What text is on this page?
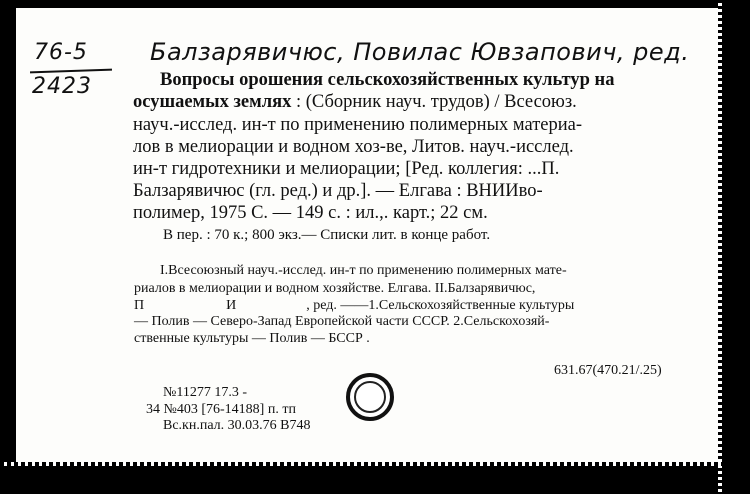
76-5
2423
Балзарявичюс, Повилас Ювзапович, ред.
Вопросы орошения сельскохозяйственных культур на
осушаемых землях : (Сборник науч. трудов) / Всесоюз.
науч.-исслед. ин-т по применению полимерных материа-
лов в мелиорации и водном хоз-ве, Литов. науч.-исслед.
ин-т гидротехники и мелиорации; [Ред. коллегия: ...П.
Балзарявичюс (гл. ред.) и др.]. — Елгава : ВНИИво-
полимер, 1975 С. — 149 с. : ил.,. карт.; 22 см.
В пер. : 70 к.; 800 экз.— Списки лит. в конце работ.
I.Всесоюзный науч.-исслед. ин-т по применению полимерных мате-
риалов в мелиорации и водном хозяйстве. Елгава. II.Балзарявичюс,
П	И	, ред. ——1.Сельскохозяйственные культуры
— Полив — Северо-Запад Европейской части СССР. 2.Сельскохозяй-
ственные культуры — Полив — БССР .
631.67(470.21/.25)
№11277 17.3 -
34 №403 [76-14188] п. тп
Вс.кн.пал. 30.03.76 В748
